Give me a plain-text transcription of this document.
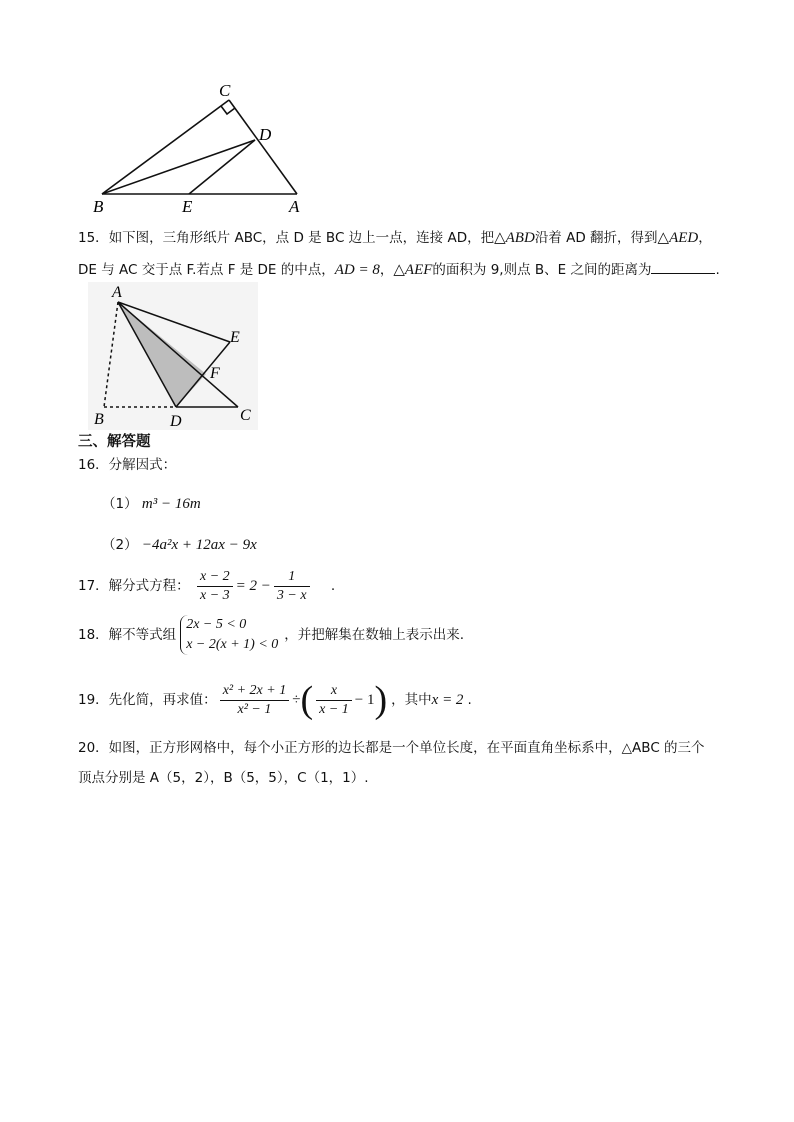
C
D
B	E	A
15．如下图，三角形纸片 ABC，点 D 是 BC 边上一点，连接 AD，把△ABD沿着 AD 翻折，得到△AED，
DE 与 AC 交于点 F.若点 F 是 DE 的中点，AD = 8，△AEF的面积为 9,则点 B、E 之间的距离为	.
A
E
F
B	D	C
三、解答题
16．分解因式：
（1） m³ − 16m
（2） −4a²x + 12ax − 9x
17．解分式方程： $\frac{x - 2}{x - 3} = 2 - \frac{1}{3 - x}$ .
18．解不等式组
2x − 5 < 0
x − 2(x + 1) < 0
，并把解集在数轴上表示出来.
19．先化简，再求值： $\frac{\text{x² + 2x + 1}}{\text{x² − 1}}$ ÷( $\frac{x}{x - 1} - 1$) ，其中x = 2 .
20．如图，正方形网格中，每个小正方形的边长都是一个单位长度，在平面直角坐标系中，△ABC 的三个
顶点分别是 A（5，2），B（5，5），C（1，1）.
